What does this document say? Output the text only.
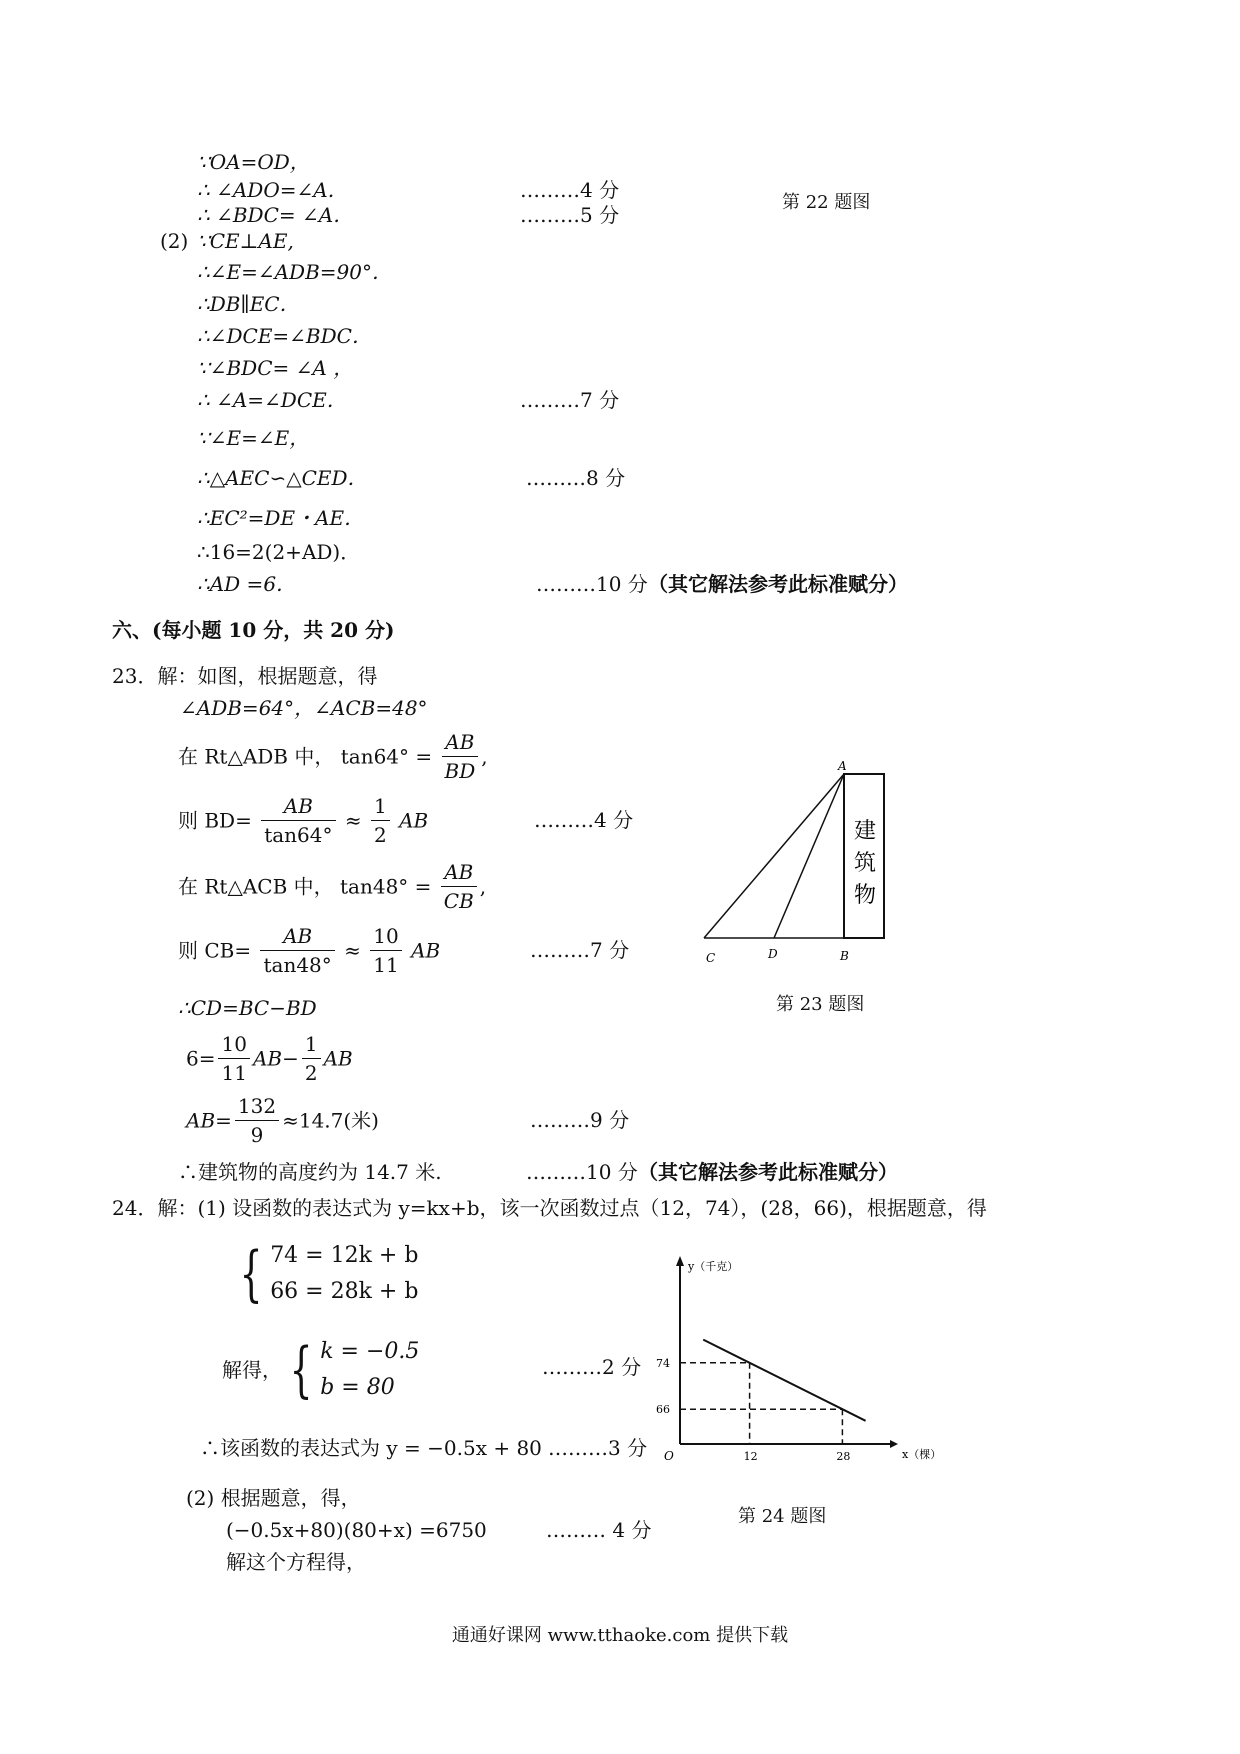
∵OA=OD，
∴ ∠ADO=∠A．	………4 分
∴ ∠BDC= ∠A．	………5 分
第 22 题图
(2) ∵CE⊥AE,
∴∠E=∠ADB=90°．
∴DB∥EC．
∴∠DCE=∠BDC．
∵∠BDC= ∠A ，
∴ ∠A=∠DCE．	………7 分
∵∠E=∠E，
∴△AEC∽△CED．	………8 分
∴EC²=DE・AE．
∴16=2(2+AD)．
∴AD =6．	………10 分 （其它解法参考此标准赋分）
六、(每小题 10 分，共 20 分)
23．解：如图，根据题意，得
∠ADB=64°，∠ACB=48°
在 Rt△ADB 中， $\tan 64^\circ = \frac{AB}{BD}$ ,
则 $BD= \frac{AB}{\tan 64^\circ} \approx \frac{1}{2}$ AB	………4 分
在 Rt△ACB 中， $\tan 48^\circ = \frac{AB}{CB}$ ,
则 $CB= \frac{AB}{\tan 48^\circ} \approx \frac{10}{11}$ AB	………7 分
∴CD=BC−BD
$6= \frac{10}{11} AB- \frac{1}{2}$ AB
$AB= \frac{132}{9} \approx 14.7$(米)	………9 分
∴建筑物的高度约为 14.7 米.	………10 分 （其它解法参考此标准赋分）
A
C	D	B
建
筑
物
第 23 题图
24．解：(1) 设函数的表达式为 y=kx+b，该一次函数过点（12，74），(28，66)，根据题意，得
{ 74 = 12k + b
66 = 28k + b
解得， { k = −0.5
b = 80
………2 分
∴该函数的表达式为 y = −0.5x + 80 ………3 分
(2) 根据题意，得，
(−0.5x+80)(80+x) =6750	……… 4 分
解这个方程得，
12
74
28
66
y（千克）
x（棵）
O
第 24 题图
通通好课网 www.tthaoke.com 提供下载
